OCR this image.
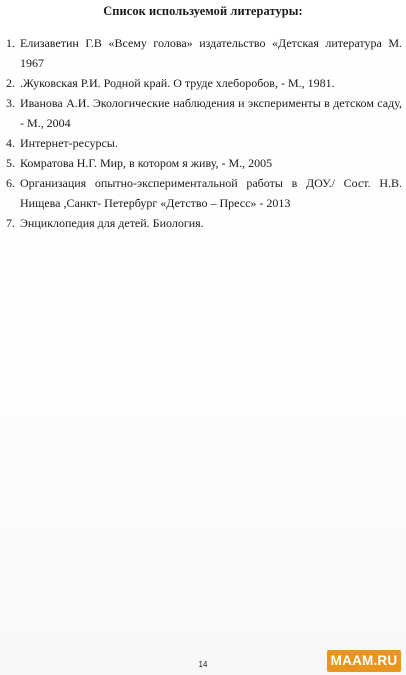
Список используемой литературы:
1. Елизаветин Г.В «Всему голова» издательство «Детская литература М. 1967
2. .Жуковская Р.И. Родной край. О труде хлеборобов, - М., 1981.
3. Иванова А.И. Экологические наблюдения и эксперименты в детском саду, - М., 2004
4. Интернет-ресурсы.
5. Комратова Н.Г. Мир, в котором я живу, - М., 2005
6. Организация опытно-экспериментальной работы в ДОУ./ Сост. Н.В. Нищева ,Санкт- Петербург «Детство – Пресс» - 2013
7. Энциклопедия для детей. Биология.
14	MAAM.RU
